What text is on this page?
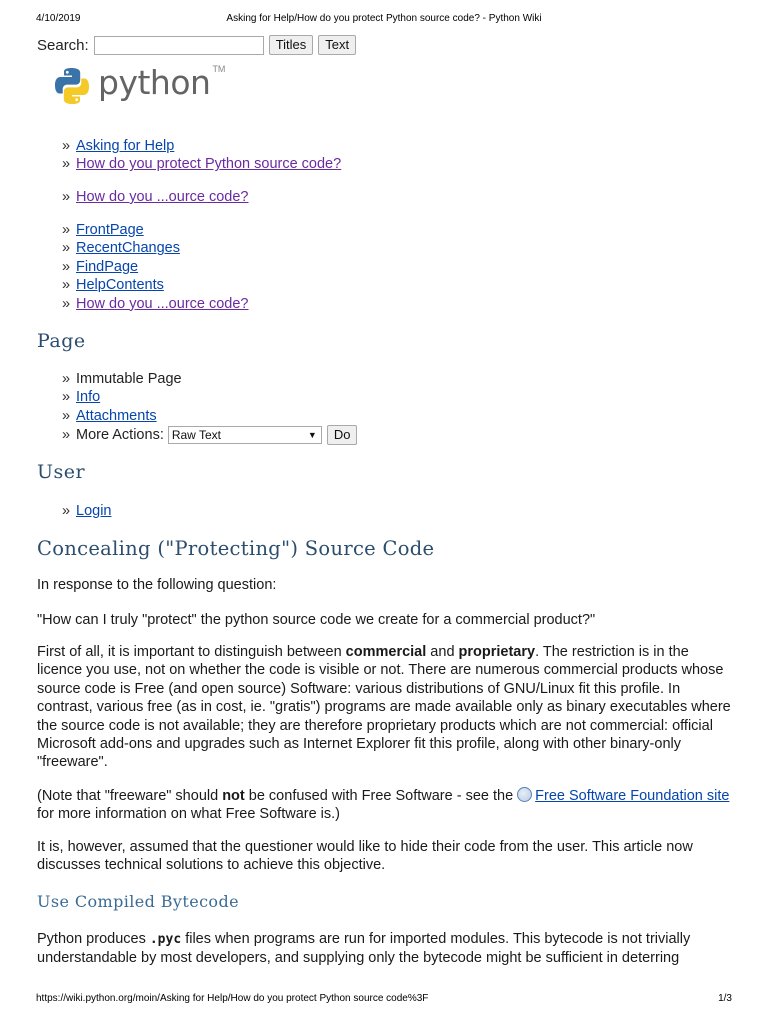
4/10/2019	Asking for Help/How do you protect Python source code? - Python Wiki
Search:	Titles	Text
python TM
» Asking for Help
» How do you protect Python source code?
» How do you ...ource code?
» FrontPage
» RecentChanges
» FindPage
» HelpContents
» How do you ...ource code?
Page
» Immutable Page
» Info
» Attachments
» More Actions: Raw Text	▼ Do
User
» Login
Concealing ("Protecting") Source Code

In response to the following question:

"How can I truly "protect" the python source code we create for a commercial product?"

First of all, it is important to distinguish between commercial and proprietary. The restriction is in the licence you use, not on whether the code is visible or not. There are numerous commercial products whose source code is Free (and open source) Software: various distributions of GNU/Linux fit this profile. In contrast, various free (as in cost, ie. "gratis") programs are made available only as binary executables where the source code is not available; they are therefore proprietary products which are not commercial: official Microsoft add-ons and upgrades such as Internet Explorer fit this profile, along with other binary-only "freeware".

(Note that "freeware" should not be confused with Free Software - see the Free Software Foundation site for more information on what Free Software is.)

It is, however, assumed that the questioner would like to hide their code from the user. This article now discusses technical solutions to achieve this objective.

Use Compiled Bytecode

Python produces .pyc files when programs are run for imported modules. This bytecode is not trivially understandable by most developers, and supplying only the bytecode might be sufficient in deterring

https://wiki.python.org/moin/Asking for Help/How do you protect Python source code%3F	1/3
